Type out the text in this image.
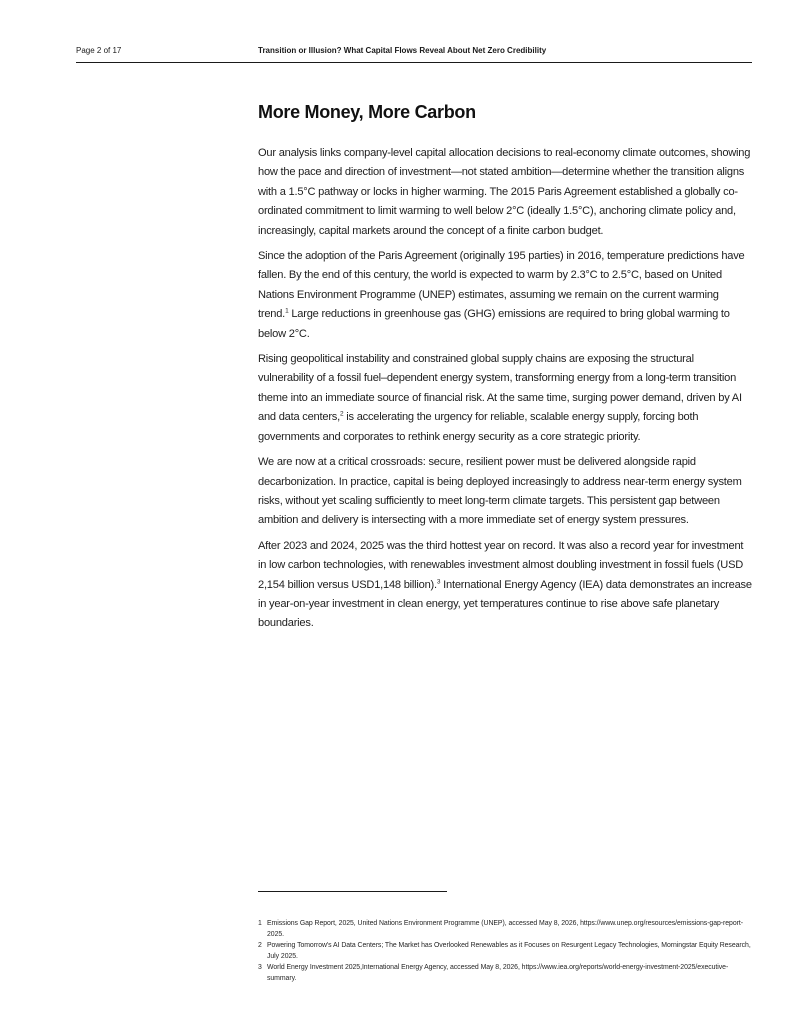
Page 2 of 17	Transition or Illusion? What Capital Flows Reveal About Net Zero Credibility
More Money, More Carbon

Our analysis links company-level capital allocation decisions to real-economy climate outcomes, showing how the pace and direction of investment—not stated ambition—determine whether the transition aligns with a 1.5°C pathway or locks in higher warming. The 2015 Paris Agreement established a globally co-ordinated commitment to limit warming to well below 2°C (ideally 1.5°C), anchoring climate policy and, increasingly, capital markets around the concept of a finite carbon budget.

Since the adoption of the Paris Agreement (originally 195 parties) in 2016, temperature predictions have fallen. By the end of this century, the world is expected to warm by 2.3°C to 2.5°C, based on United Nations Environment Programme (UNEP) estimates, assuming we remain on the current warming trend.$^1$ Large reductions in greenhouse gas (GHG) emissions are required to bring global warming to below 2°C.

Rising geopolitical instability and constrained global supply chains are exposing the structural vulnerability of a fossil fuel–dependent energy system, transforming energy from a long-term transition theme into an immediate source of financial risk. At the same time, surging power demand, driven by AI and data centers,$^2$ is accelerating the urgency for reliable, scalable energy supply, forcing both governments and corporates to rethink energy security as a core strategic priority.

We are now at a critical crossroads: secure, resilient power must be delivered alongside rapid decarbonization. In practice, capital is being deployed increasingly to address near-term energy system risks, without yet scaling sufficiently to meet long-term climate targets. This persistent gap between ambition and delivery is intersecting with a more immediate set of energy system pressures.

After 2023 and 2024, 2025 was the third hottest year on record. It was also a record year for investment in low carbon technologies, with renewables investment almost doubling investment in fossil fuels (USD 2,154 billion versus USD1,148 billion).$^3$ International Energy Agency (IEA) data demonstrates an increase in year-on-year investment in clean energy, yet temperatures continue to rise above safe planetary boundaries.

1 Emissions Gap Report, 2025, United Nations Environment Programme (UNEP), accessed May 8, 2026, https://www.unep.org/resources/emissions-gap-report-2025.

2 Powering Tomorrow's AI Data Centers; The Market has Overlooked Renewables as it Focuses on Resurgent Legacy Technologies, Morningstar Equity Research, July 2025.

3 World Energy Investment 2025,International Energy Agency, accessed May 8, 2026, https://www.iea.org/reports/world-energy-investment-2025/executive-summary.
